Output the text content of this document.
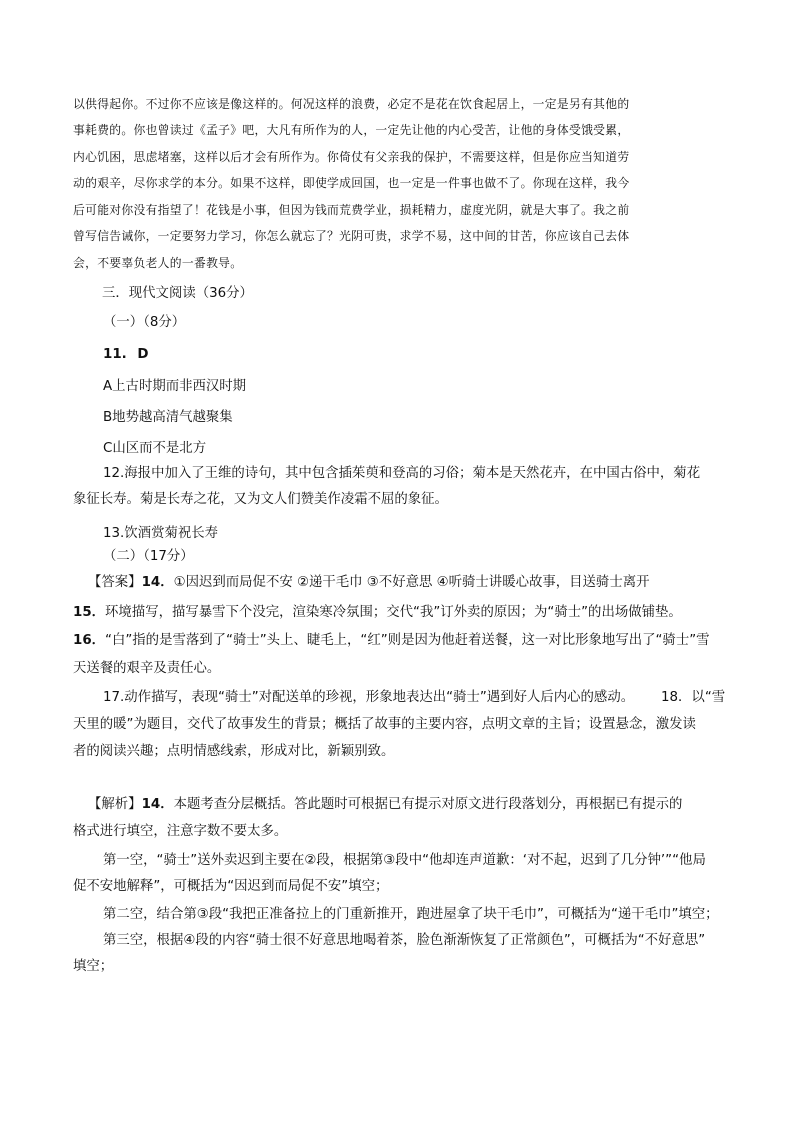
以供得起你。不过你不应该是像这样的。何况这样的浪费，必定不是花在饮食起居上，一定是另有其他的
事耗费的。你也曾读过《孟子》吧，大凡有所作为的人，一定先让他的内心受苦，让他的身体受饿受累，
内心饥困，思虑堵塞，这样以后才会有所作为。你倚仗有父亲我的保护，不需要这样，但是你应当知道劳
动的艰辛，尽你求学的本分。如果不这样，即使学成回国，也一定是一件事也做不了。你现在这样，我今
后可能对你没有指望了！花钱是小事，但因为钱而荒费学业，损耗精力，虚度光阴，就是大事了。我之前
曾写信告诫你，一定要努力学习，你怎么就忘了？光阴可贵，求学不易，这中间的甘苦，你应该自己去体
会，不要辜负老人的一番教导。
三．现代文阅读（36分）
（一）（8分）
11. D
A上古时期而非西汉时期
B地势越高清气越聚集
C山区而不是北方
12.海报中加入了王维的诗句，其中包含插茱萸和登高的习俗；菊本是天然花卉，在中国古俗中，菊花
象征长寿。菊是长寿之花，又为文人们赞美作凌霜不屈的象征。
13.饮酒赏菊祝长寿
（二）（17分）
【答案】14．①因迟到而局促不安 ②递干毛巾 ③不好意思 ④听骑士讲暖心故事，目送骑士离开
15．环境描写，描写暴雪下个没完，渲染寒冷氛围；交代“我”订外卖的原因；为“骑士”的出场做铺垫。
16．“白”指的是雪落到了“骑士”头上、睫毛上，“红”则是因为他赶着送餐，这一对比形象地写出了“骑士”雪
天送餐的艰辛及责任心。
17.动作描写，表现“骑士”对配送单的珍视，形象地表达出“骑士”遇到好人后内心的感动。 18．以“雪
天里的暖”为题目，交代了故事发生的背景；概括了故事的主要内容，点明文章的主旨；设置悬念，激发读
者的阅读兴趣；点明情感线索，形成对比，新颖别致。
【解析】14．本题考查分层概括。答此题时可根据已有提示对原文进行段落划分，再根据已有提示的
格式进行填空，注意字数不要太多。
第一空，“骑士”送外卖迟到主要在②段，根据第③段中“他却连声道歉：‘对不起，迟到了几分钟’”“他局
促不安地解释”，可概括为“因迟到而局促不安”填空；
第二空，结合第③段“我把正准备拉上的门重新推开，跑进屋拿了块干毛巾”，可概括为“递干毛巾”填空；
第三空，根据④段的内容“骑士很不好意思地喝着茶，脸色渐渐恢复了正常颜色”，可概括为“不好意思”
填空；
